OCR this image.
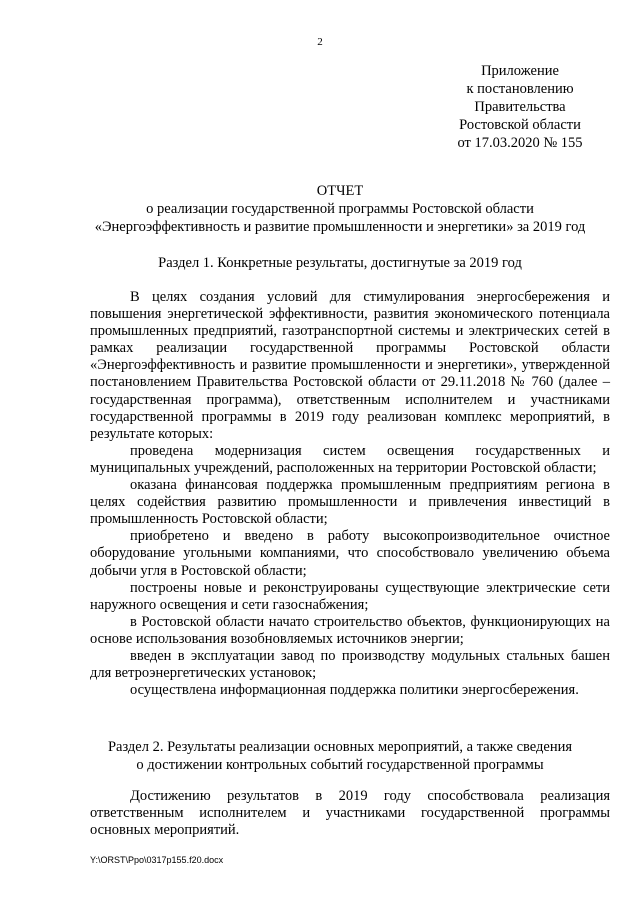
2
Приложение
к постановлению
Правительства
Ростовской области
от 17.03.2020 № 155
ОТЧЕТ
о реализации государственной программы Ростовской области
«Энергоэффективность и развитие промышленности и энергетики» за 2019 год
Раздел 1. Конкретные результаты, достигнутые за 2019 год

В целях создания условий для стимулирования энергосбережения и повышения энергетической эффективности, развития экономического потенциала промышленных предприятий, газотранспортной системы и электрических сетей в рамках реализации государственной программы Ростовской области «Энергоэффективность и развитие промышленности и энергетики», утвержденной постановлением Правительства Ростовской области от 29.11.2018 № 760 (далее – государственная программа), ответственным исполнителем и участниками государственной программы в 2019 году реализован комплекс мероприятий, в результате которых:

проведена модернизация систем освещения государственных и муниципальных учреждений, расположенных на территории Ростовской области;

оказана финансовая поддержка промышленным предприятиям региона в целях содействия развитию промышленности и привлечения инвестиций в промышленность Ростовской области;

приобретено и введено в работу высокопроизводительное очистное оборудование угольными компаниями, что способствовало увеличению объема добычи угля в Ростовской области;

построены новые и реконструированы существующие электрические сети наружного освещения и сети газоснабжения;

в Ростовской области начато строительство объектов, функционирующих на основе использования возобновляемых источников энергии;

введен в эксплуатации завод по производству модульных стальных башен для ветроэнергетических установок;

осуществлена информационная поддержка политики энергосбережения.

Раздел 2. Результаты реализации основных мероприятий, а также сведения
о достижении контрольных событий государственной программы

Достижению результатов в 2019 году способствовала реализация ответственным исполнителем и участниками государственной программы основных мероприятий.

Y:\ORST\Ppo\0317p155.f20.docx
